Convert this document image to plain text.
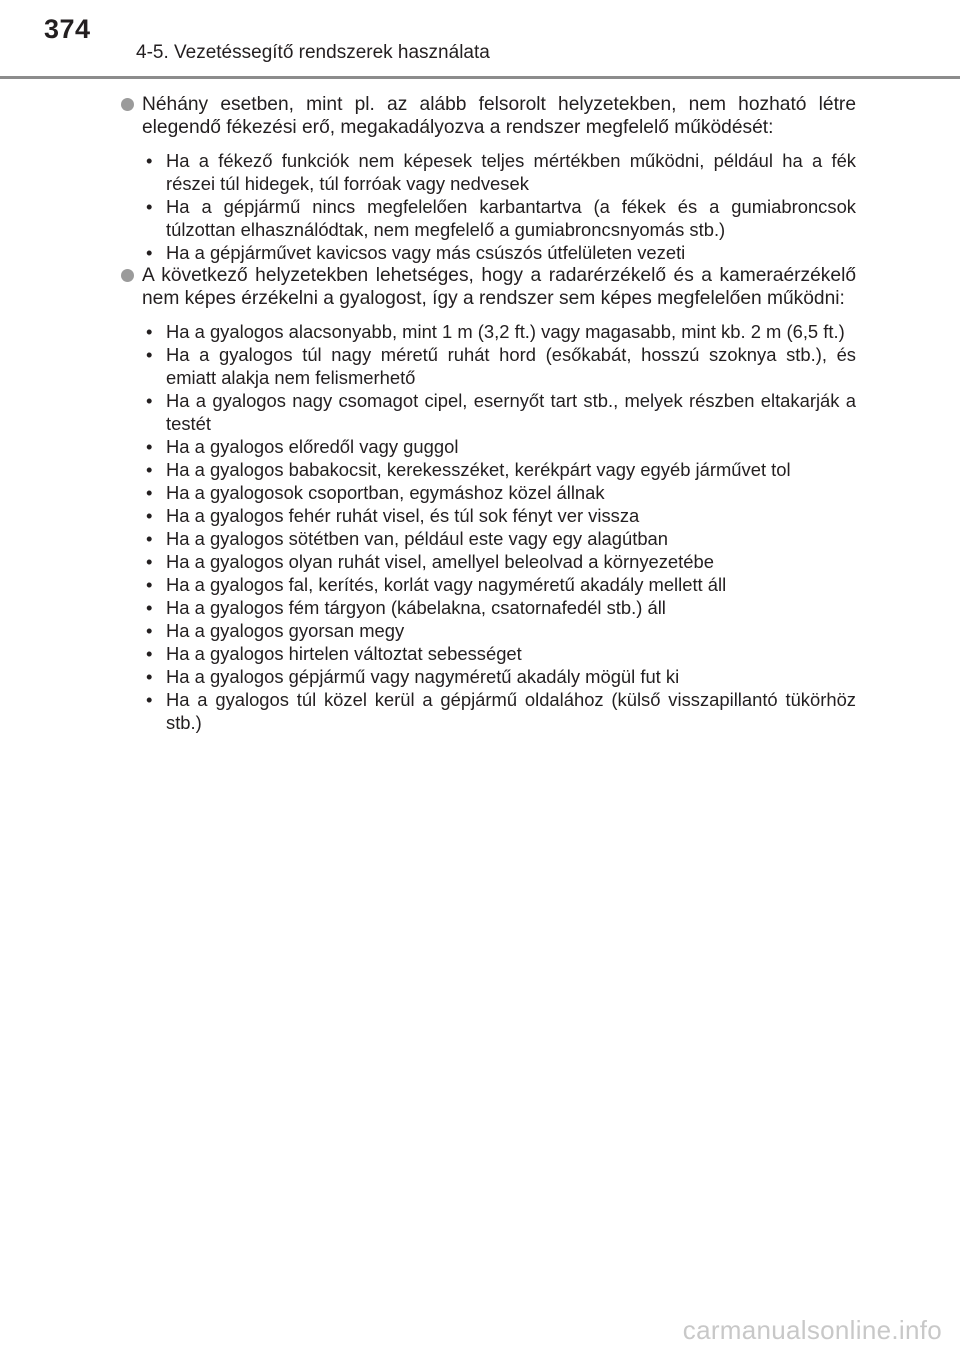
374
4-5. Vezetéssegítő rendszerek használata
Néhány esetben, mint pl. az alább felsorolt helyzetekben, nem hozható létre elegendő fékezési erő, megakadályozva a rendszer megfelelő működését:
• Ha a fékező funkciók nem képesek teljes mértékben működni, például ha a fék részei túl hidegek, túl forróak vagy nedvesek
• Ha a gépjármű nincs megfelelően karbantartva (a fékek és a gumiabroncsok túlzottan elhasználódtak, nem megfelelő a gumiabroncsnyomás stb.)
• Ha a gépjárművet kavicsos vagy más csúszós útfelületen vezeti
A következő helyzetekben lehetséges, hogy a radarérzékelő és a kameraérzékelő nem képes érzékelni a gyalogost, így a rendszer sem képes megfelelően működni:
• Ha a gyalogos alacsonyabb, mint 1 m (3,2 ft.) vagy magasabb, mint kb. 2 m (6,5 ft.)
• Ha a gyalogos túl nagy méretű ruhát hord (esőkabát, hosszú szoknya stb.), és emiatt alakja nem felismerhető
• Ha a gyalogos nagy csomagot cipel, esernyőt tart stb., melyek részben eltakarják a testét
• Ha a gyalogos előredől vagy guggol
• Ha a gyalogos babakocsit, kerekesszéket, kerékpárt vagy egyéb járművet tol
• Ha a gyalogosok csoportban, egymáshoz közel állnak
• Ha a gyalogos fehér ruhát visel, és túl sok fényt ver vissza
• Ha a gyalogos sötétben van, például este vagy egy alagútban
• Ha a gyalogos olyan ruhát visel, amellyel beleolvad a környezetébe
• Ha a gyalogos fal, kerítés, korlát vagy nagyméretű akadály mellett áll
• Ha a gyalogos fém tárgyon (kábelakna, csatornafedél stb.) áll
• Ha a gyalogos gyorsan megy
• Ha a gyalogos hirtelen változtat sebességet
• Ha a gyalogos gépjármű vagy nagyméretű akadály mögül fut ki
• Ha a gyalogos túl közel kerül a gépjármű oldalához (külső visszapillantó tükörhöz stb.)
carmanualsonline.info
